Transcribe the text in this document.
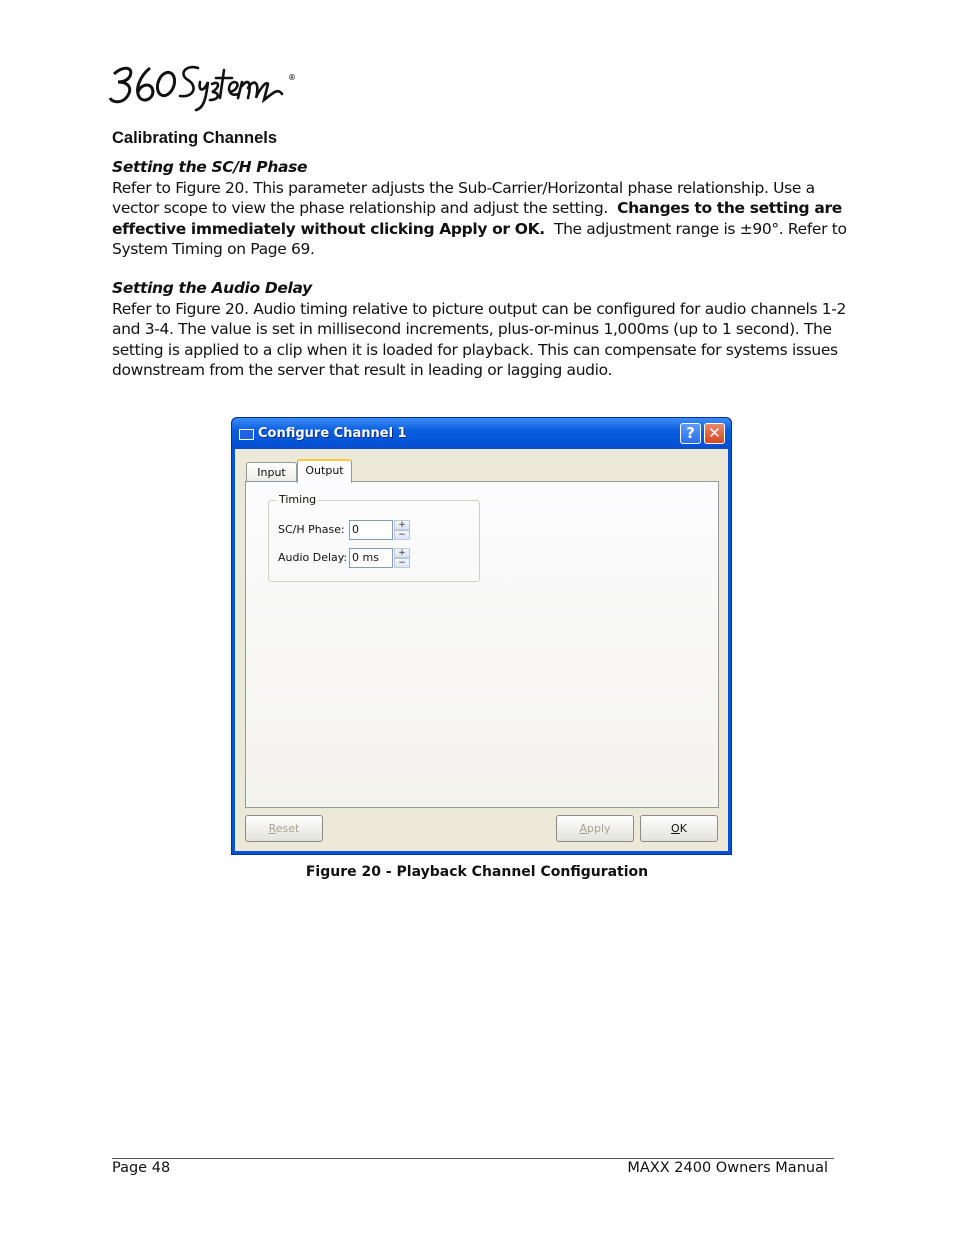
®
Calibrating Channels

Setting the SC/H Phase

Refer to Figure 20. This parameter adjusts the Sub-Carrier/Horizontal phase relationship. Use a vector scope to view the phase relationship and adjust the setting. Changes to the setting are effective immediately without clicking Apply or OK. The adjustment range is ±90°. Refer to System Timing on Page 69.

Setting the Audio Delay

Refer to Figure 20. Audio timing relative to picture output can be configured for audio channels 1-2 and 3-4. The value is set in millisecond increments, plus-or-minus 1,000ms (up to 1 second). The setting is applied to a clip when it is loaded for playback. This can compensate for systems issues downstream from the server that result in leading or lagging audio.

Configure Channel 1	? ✕
Input	Output
Timing
SC/H Phase: 0	+
−
Audio Delay: 0 ms	+
−
Reset	Apply	OK
Figure 20 - Playback Channel Configuration
Page 48	MAXX 2400 Owners Manual
